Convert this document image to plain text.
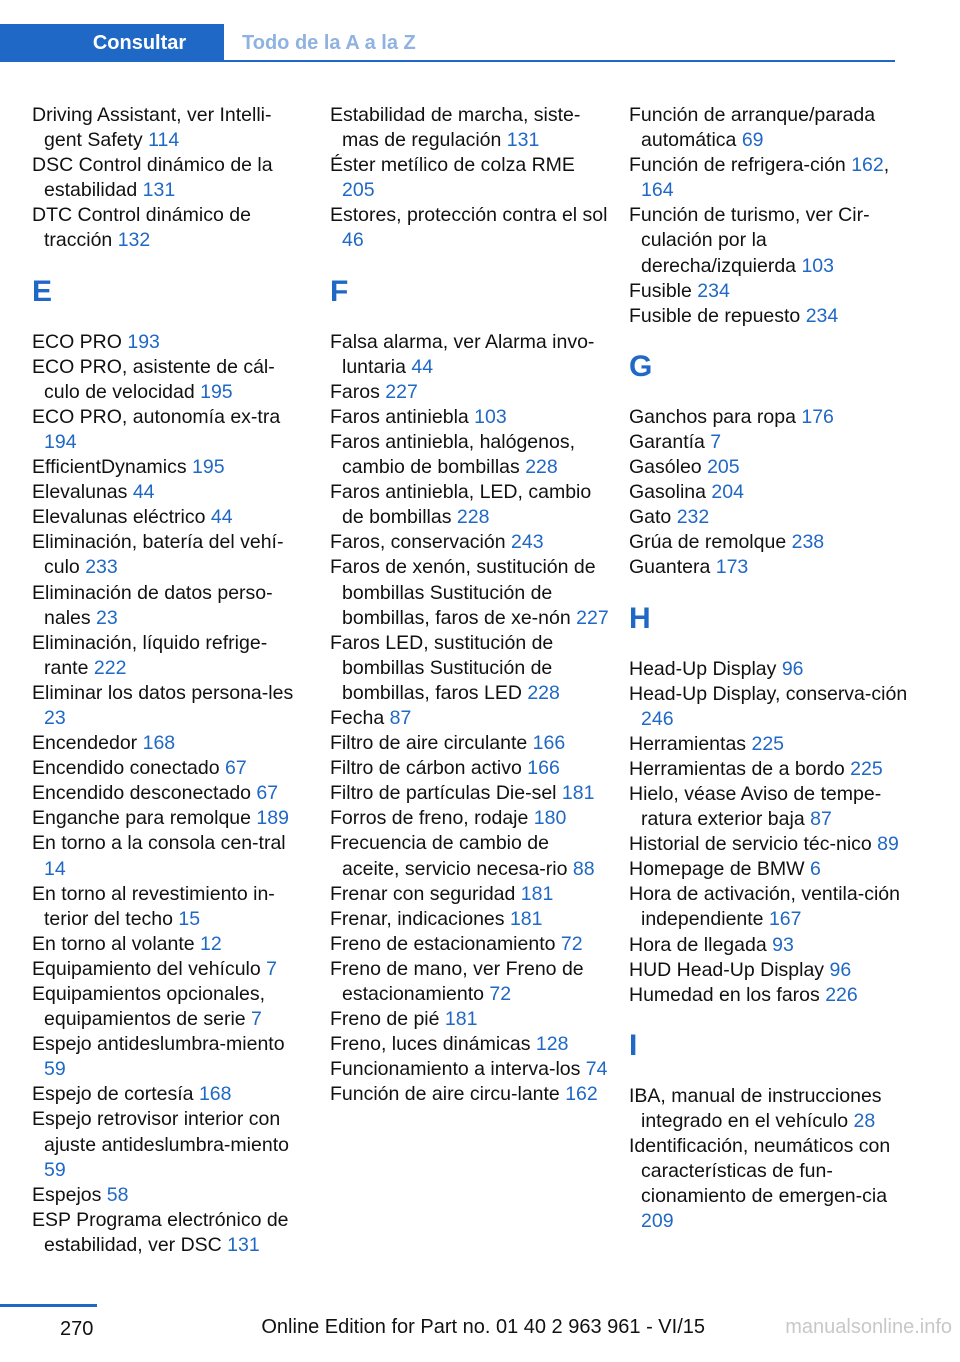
Consultar	Todo de la A a la Z
Driving Assistant, ver Intelli‐gent Safety 114
DSC Control dinámico de la estabilidad 131
DTC Control dinámico de tracción 132
E
ECO PRO 193
ECO PRO, asistente de cál‐culo de velocidad 195
ECO PRO, autonomía ex‐tra 194
EfficientDynamics 195
Elevalunas 44
Elevalunas eléctrico 44
Eliminación, batería del vehí‐culo 233
Eliminación de datos perso‐nales 23
Eliminación, líquido refrige‐rante 222
Eliminar los datos persona‐les 23
Encendedor 168
Encendido conectado 67
Encendido desconectado 67
Enganche para remolque 189
En torno a la consola cen‐tral 14
En torno al revestimiento in‐terior del techo 15
En torno al volante 12
Equipamiento del vehículo 7
Equipamientos opcionales, equipamientos de serie 7
Espejo antideslumbra‐miento 59
Espejo de cortesía 168
Espejo retrovisor interior con ajuste antideslumbra‐miento 59
Espejos 58
ESP Programa electrónico de estabilidad, ver DSC 131
Estabilidad de marcha, siste‐mas de regulación 131
Éster metílico de colza RME 205
Estores, protección contra el sol 46
F
Falsa alarma, ver Alarma invo‐luntaria 44
Faros 227
Faros antiniebla 103
Faros antiniebla, halógenos, cambio de bombillas 228
Faros antiniebla, LED, cambio de bombillas 228
Faros, conservación 243
Faros de xenón, sustitución de bombillas Sustitución de bombillas, faros de xe‐nón 227
Faros LED, sustitución de bombillas Sustitución de bombillas, faros LED 228
Fecha 87
Filtro de aire circulante 166
Filtro de cárbon activo 166
Filtro de partículas Die‐sel 181
Forros de freno, rodaje 180
Frecuencia de cambio de aceite, servicio necesa‐rio 88
Frenar con seguridad 181
Frenar, indicaciones 181
Freno de estacionamiento 72
Freno de mano, ver Freno de estacionamiento 72
Freno de pié 181
Freno, luces dinámicas 128
Funcionamiento a interva‐los 74
Función de aire circu‐lante 162
Función de arranque/parada automática 69
Función de refrigera‐ción 162, 164
Función de turismo, ver Cir‐culación por la derecha/izquierda 103
Fusible 234
Fusible de repuesto 234
G
Ganchos para ropa 176
Garantía 7
Gasóleo 205
Gasolina 204
Gato 232
Grúa de remolque 238
Guantera 173
H
Head-Up Display 96
Head-Up Display, conserva‐ción 246
Herramientas 225
Herramientas de a bordo 225
Hielo, véase Aviso de tempe‐ratura exterior baja 87
Historial de servicio téc‐nico 89
Homepage de BMW 6
Hora de activación, ventila‐ción independiente 167
Hora de llegada 93
HUD Head-Up Display 96
Humedad en los faros 226
I
IBA, manual de instrucciones integrado en el vehículo 28
Identificación, neumáticos con características de fun‐cionamiento de emergen‐cia 209
270	Online Edition for Part no. 01 40 2 963 961 - VI/15	manualsonline.info
